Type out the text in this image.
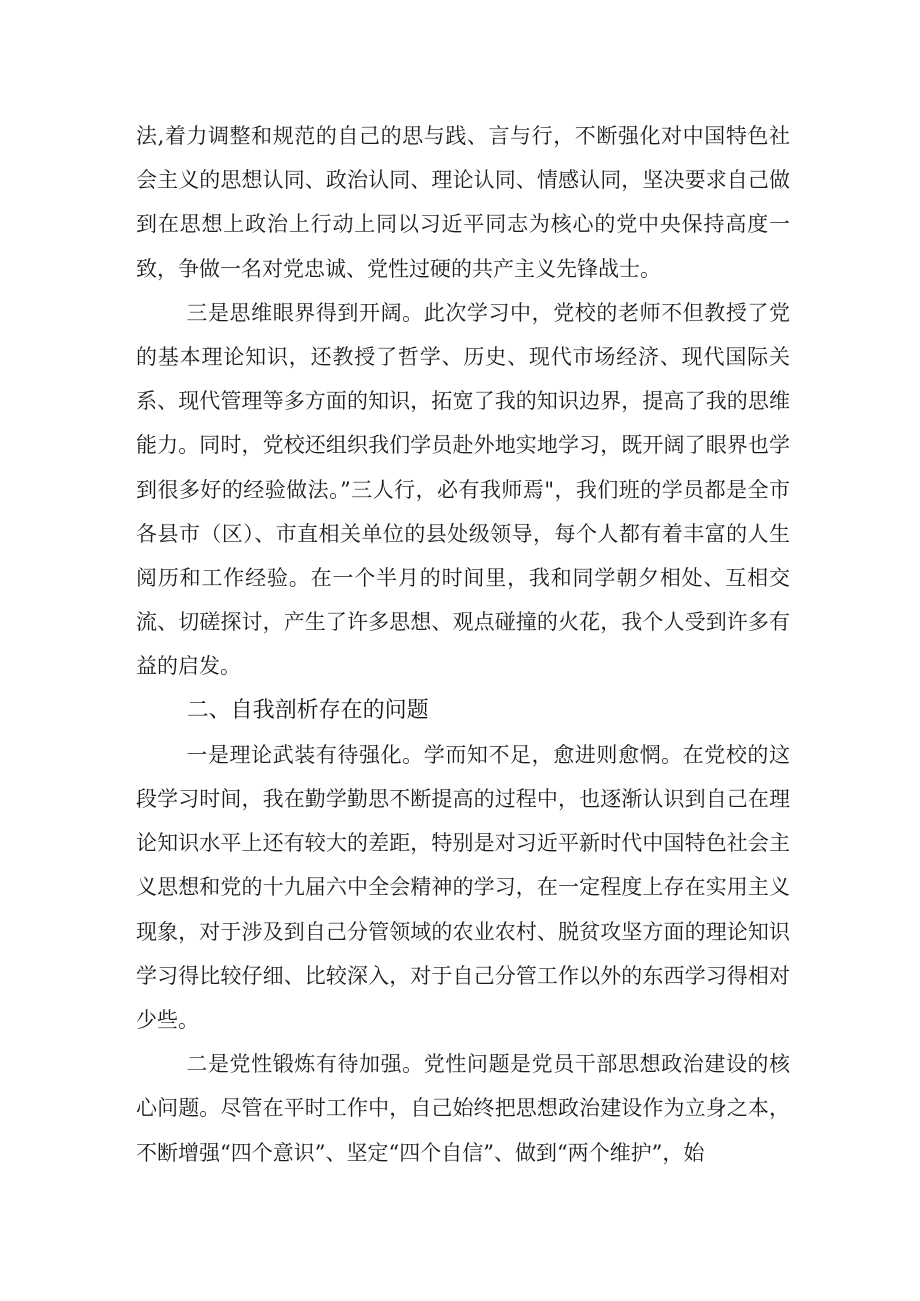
法,着力调整和规范的自己的思与践、言与行，不断强化对中国特色社会主义的思想认同、政治认同、理论认同、情感认同，坚决要求自己做到在思想上政治上行动上同以习近平同志为核心的党中央保持高度一致，争做一名对党忠诚、党性过硬的共产主义先锋战士。

三是思维眼界得到开阔。此次学习中，党校的老师不但教授了党的基本理论知识，还教授了哲学、历史、现代市场经济、现代国际关系、现代管理等多方面的知识，拓宽了我的知识边界，提高了我的思维能力。同时，党校还组织我们学员赴外地实地学习，既开阔了眼界也学到很多好的经验做法。”三人行，必有我师焉"，我们班的学员都是全市各县市（区）、市直相关单位的县处级领导，每个人都有着丰富的人生阅历和工作经验。在一个半月的时间里，我和同学朝夕相处、互相交流、切磋探讨，产生了许多思想、观点碰撞的火花，我个人受到许多有益的启发。

二、自我剖析存在的问题

一是理论武装有待强化。学而知不足，愈进则愈惘。在党校的这段学习时间，我在勤学勤思不断提高的过程中，也逐渐认识到自己在理论知识水平上还有较大的差距，特别是对习近平新时代中国特色社会主义思想和党的十九届六中全会精神的学习，在一定程度上存在实用主义现象，对于涉及到自己分管领域的农业农村、脱贫攻坚方面的理论知识学习得比较仔细、比较深入，对于自己分管工作以外的东西学习得相对少些。

二是党性锻炼有待加强。党性问题是党员干部思想政治建设的核心问题。尽管在平时工作中，自己始终把思想政治建设作为立身之本，不断增强“四个意识”、坚定“四个自信”、做到“两个维护”，始
